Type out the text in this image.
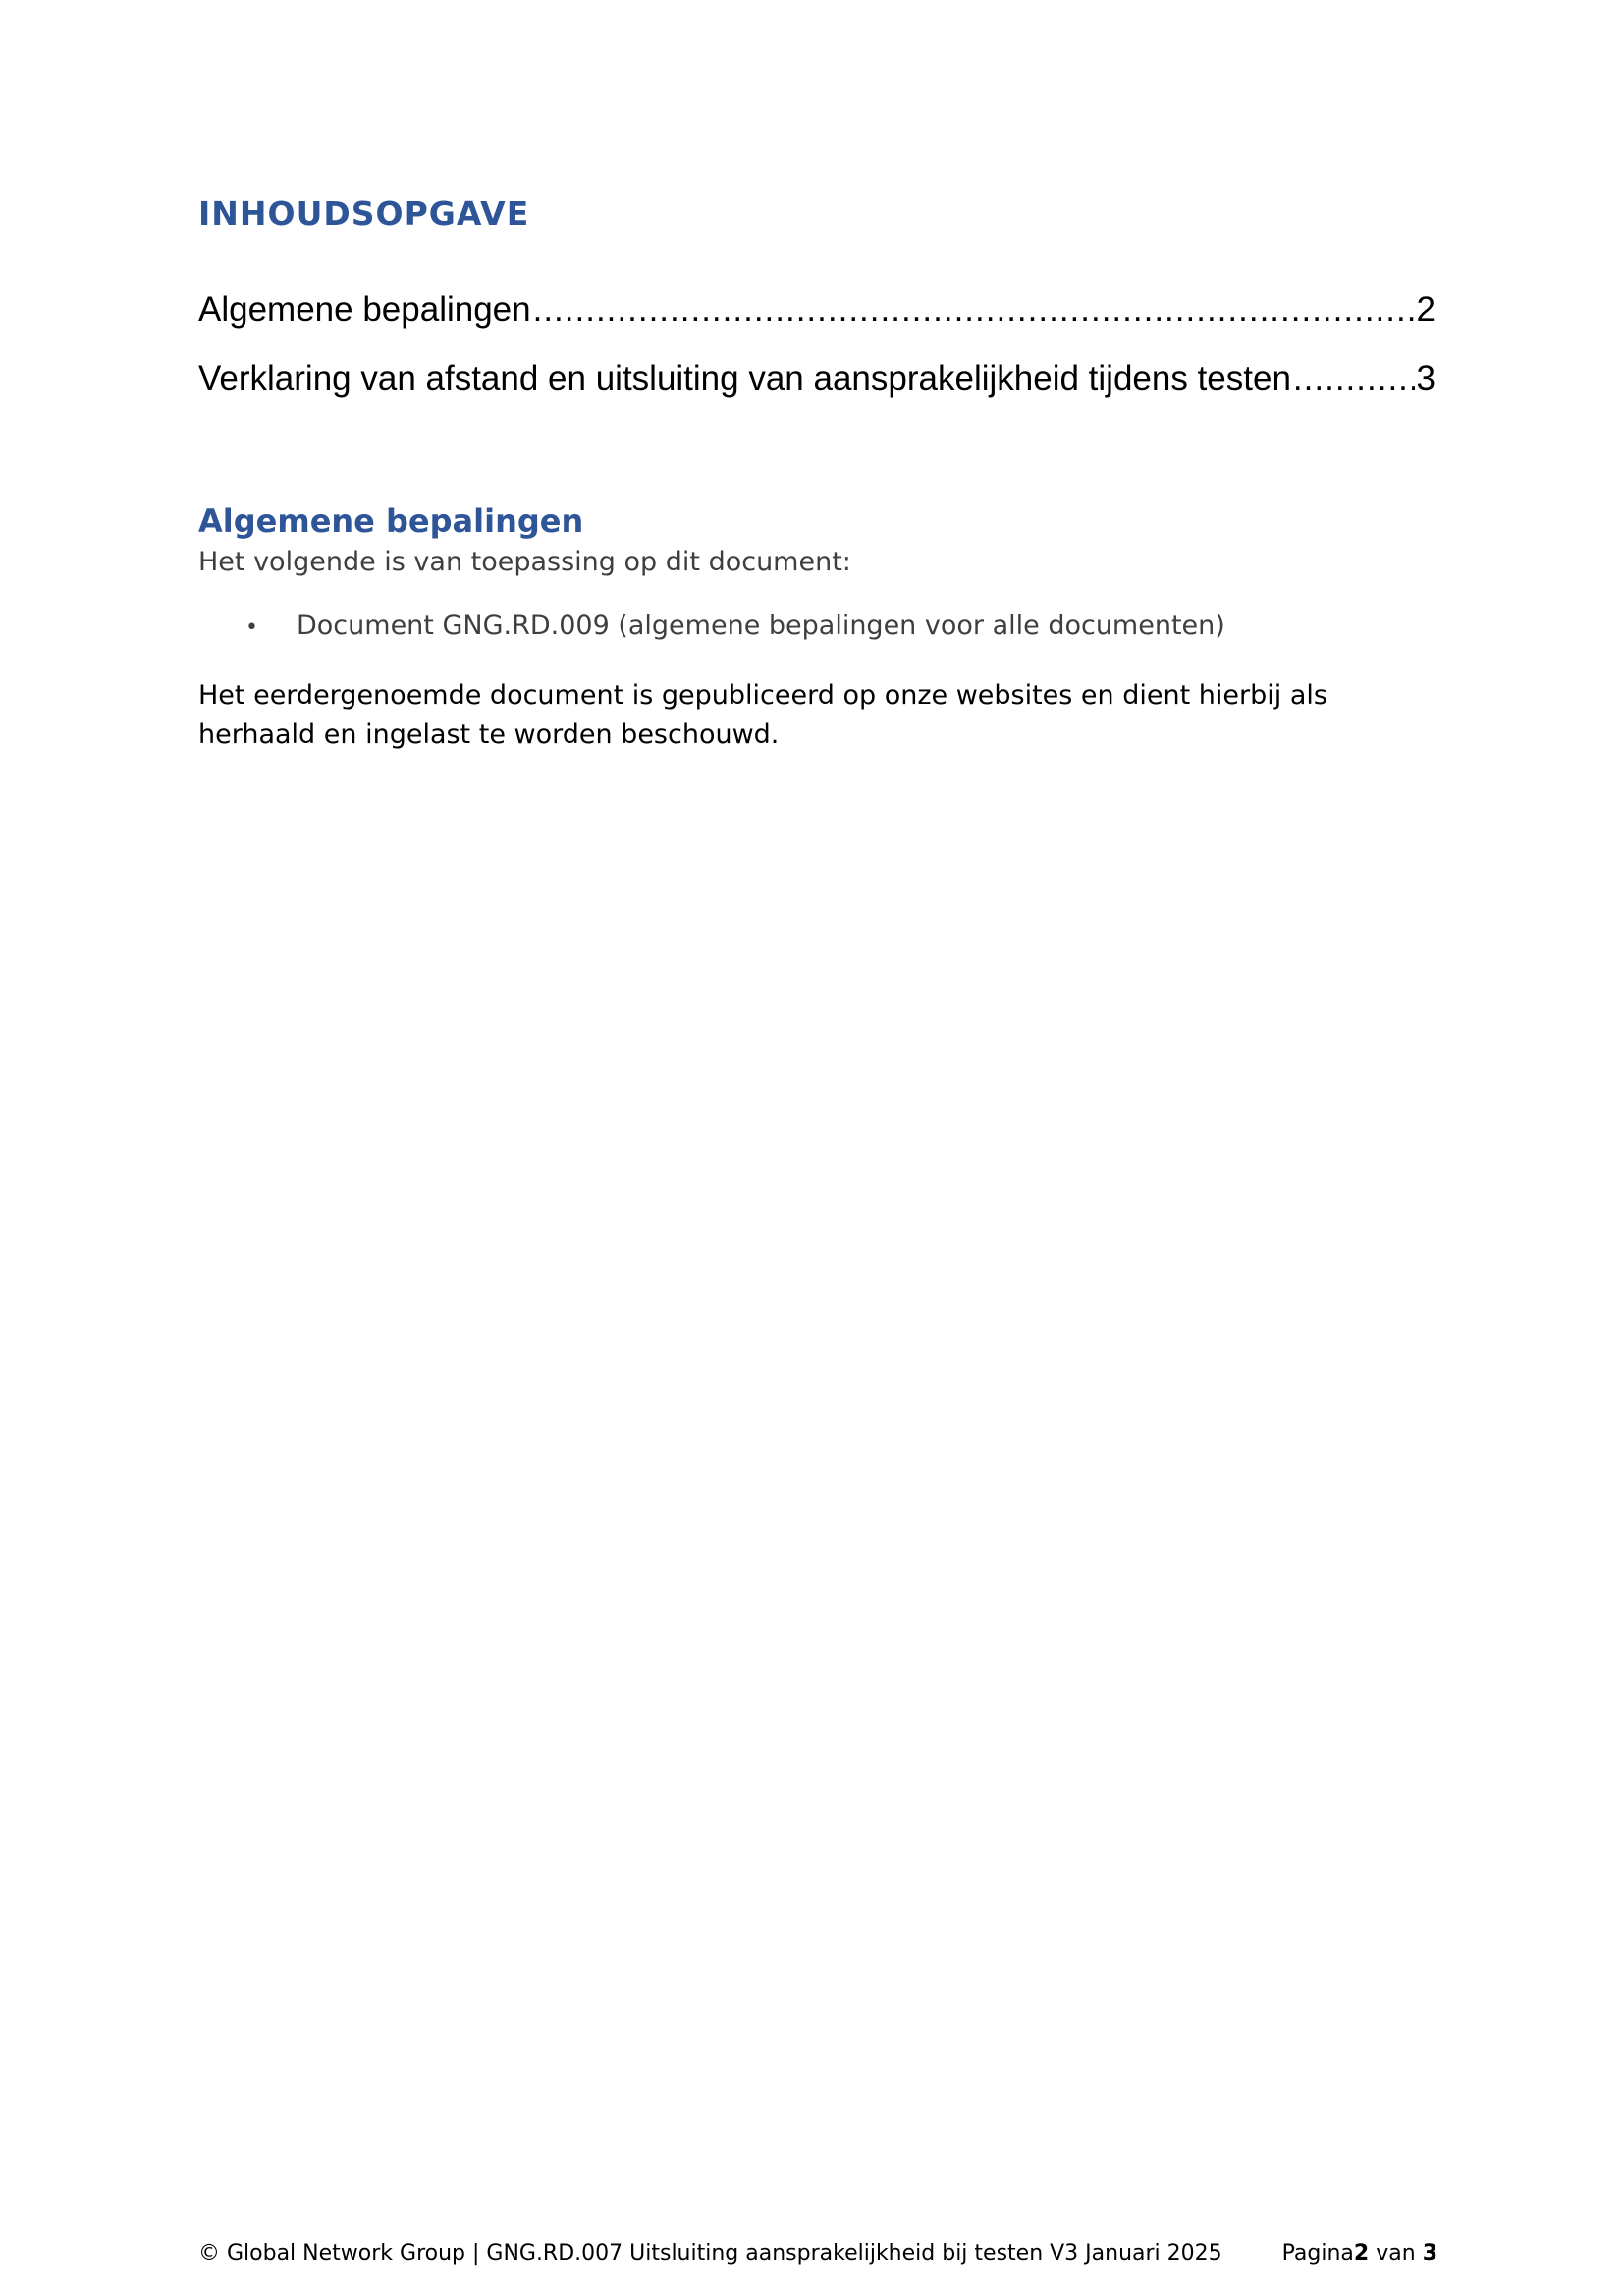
INHOUDSOPGAVE
Algemene bepalingen .....	2
Verklaring van afstand en uitsluiting van aansprakelijkheid tijdens testen .....	3
Algemene bepalingen

Het volgende is van toepassing op dit document:

•	Document GNG.RD.009 (algemene bepalingen voor alle documenten)

Het eerdergenoemde document is gepubliceerd op onze websites en dient hierbij als herhaald en ingelast te worden beschouwd.

© Global Network Group | GNG.RD.007 Uitsluiting aansprakelijkheid bij testen V3 Januari 2025	Pagina2 van 3
